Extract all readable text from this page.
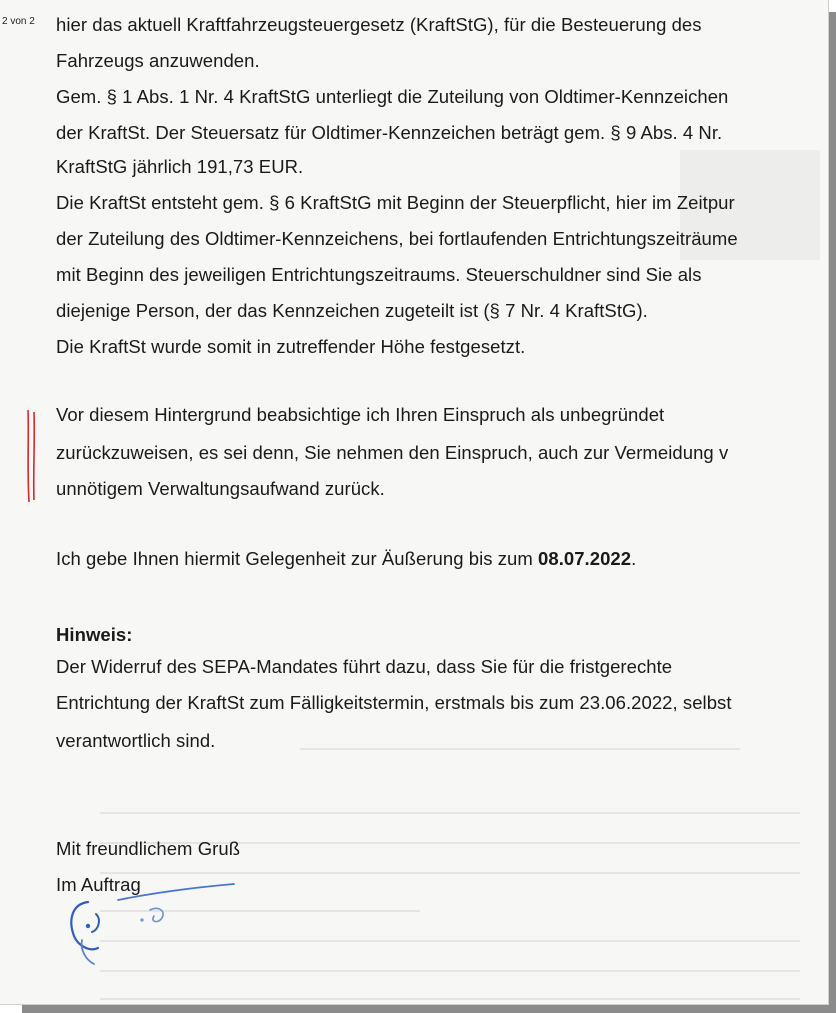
2 von 2 hier das aktuell Kraftfahrzeugsteuergesetz (KraftStG), für die Besteuerung des
Fahrzeugs anzuwenden.
Gem. § 1 Abs. 1 Nr. 4 KraftStG unterliegt die Zuteilung von Oldtimer-Kennzeichen
der KraftSt. Der Steuersatz für Oldtimer-Kennzeichen beträgt gem. § 9 Abs. 4 Nr.
KraftStG jährlich 191,73 EUR.
Die KraftSt entsteht gem. § 6 KraftStG mit Beginn der Steuerpflicht, hier im Zeitpur
der Zuteilung des Oldtimer-Kennzeichens, bei fortlaufenden Entrichtungszeiträume
mit Beginn des jeweiligen Entrichtungszeitraums. Steuerschuldner sind Sie als
diejenige Person, der das Kennzeichen zugeteilt ist (§ 7 Nr. 4 KraftStG).
Die KraftSt wurde somit in zutreffender Höhe festgesetzt.
Vor diesem Hintergrund beabsichtige ich Ihren Einspruch als unbegründet
zurückzuweisen, es sei denn, Sie nehmen den Einspruch, auch zur Vermeidung v
unnötigem Verwaltungsaufwand zurück.
Ich gebe Ihnen hiermit Gelegenheit zur Äußerung bis zum 08.07.2022.
Hinweis:
Der Widerruf des SEPA-Mandates führt dazu, dass Sie für die fristgerechte
Entrichtung der KraftSt zum Fälligkeitstermin, erstmals bis zum 23.06.2022, selbst
verantwortlich sind.
Mit freundlichem Gruß
Im Auftrag
